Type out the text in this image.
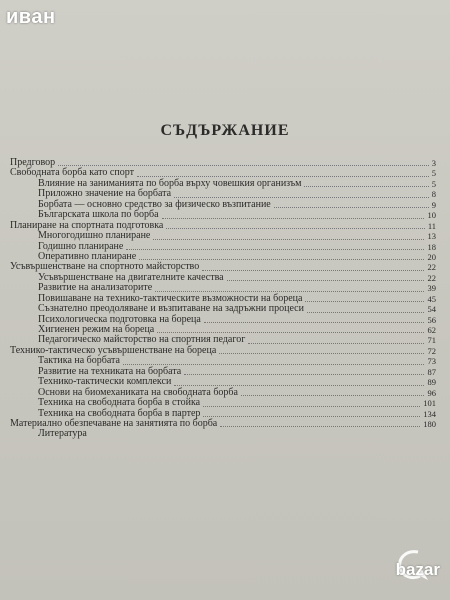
иван
СЪДЪРЖАНИЕ
Предговор	3
Свободната борба като спорт	5
Влияние на заниманията по борба върху човешкия организъм	5
Приложно значение на борбата	8
Борбата — основно средство за физическо възпитание	9
Българската школа по борба	10
Планиране на спортната подготовка	11
Многогодишно планиране	13
Годишно планиране	18
Оперативно планиране	20
Усъвършенстване на спортното майсторство	22
Усъвършенстване на двигателните качества	22
Развитие на анализаторите	39
Повишаване на технико-тактическите възможности на бореца	45
Съзнателно преодоляване и възпитаване на задръжни процеси	54
Психологическа подготовка на бореца	56
Хигиенен режим на бореца	62
Педагогическо майсторство на спортния педагог	71
Технико-тактическо усъвършенстване на бореца	72
Тактика на борбата	73
Развитие на техниката на борбата	87
Технико-тактически комплекси	89
Основи на биомеханиката на свободната борба	96
Техника на свободната борба в стойка	101
Техника на свободната борба в партер	134
Материално обезпечаване на занятията по борба	180
Литература
bazar
